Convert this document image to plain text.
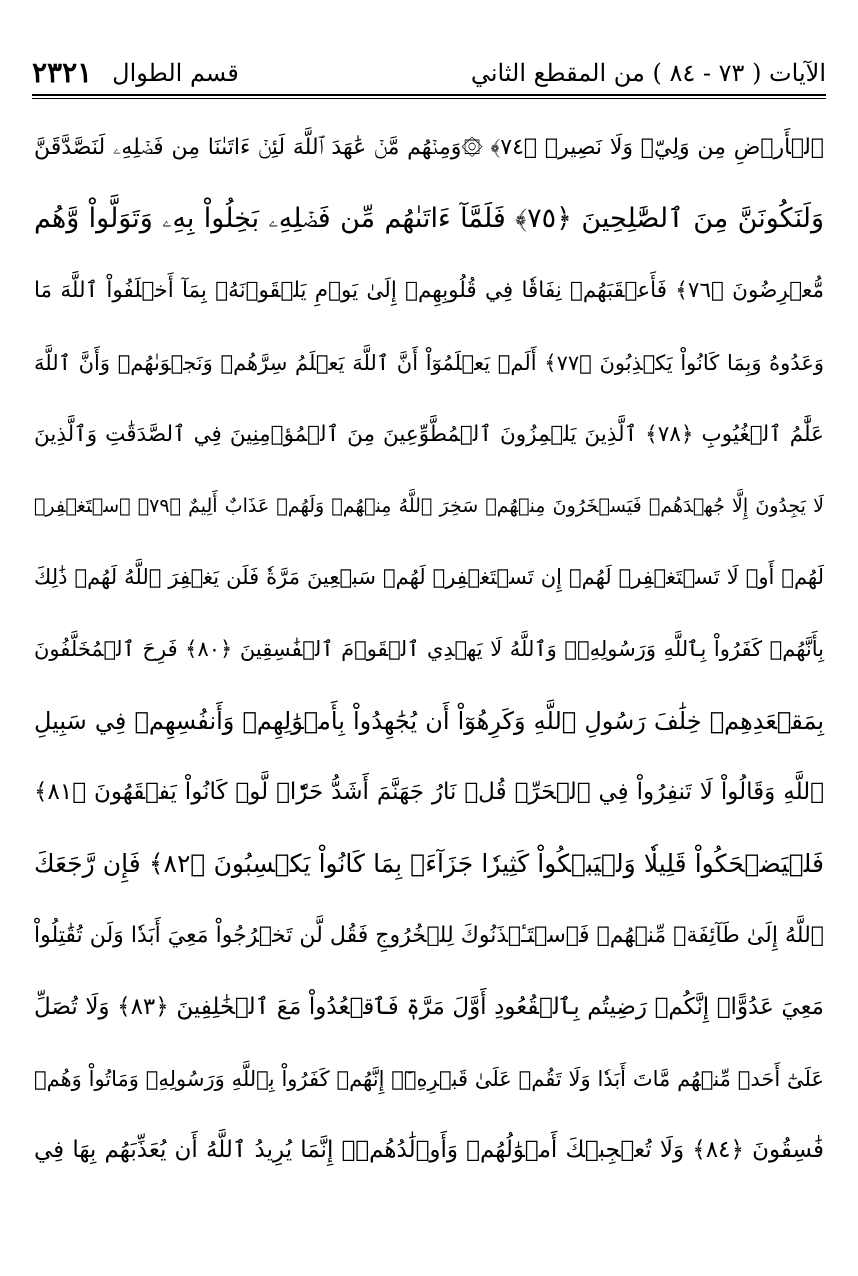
الآيات ( ٧٣ - ٨٤ ) من المقطع الثاني
قسم الطوال
٢٣٢١
ٱلۡأَرۡضِ مِن وَلِيّٖ وَلَا نَصِيرٖ ﴿٧٤﴾ ۞وَمِنۡهُم مَّنۡ عَٰهَدَ ٱللَّهَ لَئِنۡ ءَاتَىٰنَا مِن فَضۡلِهِۦ لَنَصَّدَّقَنَّ
وَلَنَكُونَنَّ مِنَ ٱلصَّٰلِحِينَ ﴿٧٥﴾ فَلَمَّآ ءَاتَىٰهُم مِّن فَضۡلِهِۦ بَخِلُواْ بِهِۦ وَتَوَلَّواْ وَّهُم
مُّعۡرِضُونَ ﴿٧٦﴾ فَأَعۡقَبَهُمۡ نِفَاقٗا فِي قُلُوبِهِمۡ إِلَىٰ يَوۡمِ يَلۡقَوۡنَهُۥ بِمَآ أَخۡلَفُواْ ٱللَّهَ مَا
وَعَدُوهُ وَبِمَا كَانُواْ يَكۡذِبُونَ ﴿٧٧﴾ أَلَمۡ يَعۡلَمُوٓاْ أَنَّ ٱللَّهَ يَعۡلَمُ سِرَّهُمۡ وَنَجۡوَىٰهُمۡ وَأَنَّ ٱللَّهَ
عَلَّٰمُ ٱلۡغُيُوبِ ﴿٧٨﴾ ٱلَّذِينَ يَلۡمِزُونَ ٱلۡمُطَّوِّعِينَ مِنَ ٱلۡمُؤۡمِنِينَ فِي ٱلصَّدَقَٰتِ وَٱلَّذِينَ
لَا يَجِدُونَ إِلَّا جُهۡدَهُمۡ فَيَسۡخَرُونَ مِنۡهُمۡ سَخِرَ ٱللَّهُ مِنۡهُمۡ وَلَهُمۡ عَذَابٌ أَلِيمٌ ﴿٧٩﴾ ٱسۡتَغۡفِرۡ
لَهُمۡ أَوۡ لَا تَسۡتَغۡفِرۡ لَهُمۡ إِن تَسۡتَغۡفِرۡ لَهُمۡ سَبۡعِينَ مَرَّةٗ فَلَن يَغۡفِرَ ٱللَّهُ لَهُمۡ ذَٰلِكَ
بِأَنَّهُمۡ كَفَرُواْ بِٱللَّهِ وَرَسُولِهِۦۗ وَٱللَّهُ لَا يَهۡدِي ٱلۡقَوۡمَ ٱلۡفَٰسِقِينَ ﴿٨٠﴾ فَرِحَ ٱلۡمُخَلَّفُونَ
بِمَقۡعَدِهِمۡ خِلَٰفَ رَسُولِ ٱللَّهِ وَكَرِهُوٓاْ أَن يُجَٰهِدُواْ بِأَمۡوَٰلِهِمۡ وَأَنفُسِهِمۡ فِي سَبِيلِ
ٱللَّهِ وَقَالُواْ لَا تَنفِرُواْ فِي ٱلۡحَرِّۗ قُلۡ نَارُ جَهَنَّمَ أَشَدُّ حَرّٗاۚ لَّوۡ كَانُواْ يَفۡقَهُونَ ﴿٨١﴾
فَلۡيَضۡحَكُواْ قَلِيلٗا وَلۡيَبۡكُواْ كَثِيرٗا جَزَآءَۢ بِمَا كَانُواْ يَكۡسِبُونَ ﴿٨٢﴾ فَإِن رَّجَعَكَ
ٱللَّهُ إِلَىٰ طَآئِفَةٖ مِّنۡهُمۡ فَٱسۡتَـٔۡذَنُوكَ لِلۡخُرُوجِ فَقُل لَّن تَخۡرُجُواْ مَعِيَ أَبَدٗا وَلَن تُقَٰتِلُواْ
مَعِيَ عَدُوًّاۖ إِنَّكُمۡ رَضِيتُم بِٱلۡقُعُودِ أَوَّلَ مَرَّةٖ فَٱقۡعُدُواْ مَعَ ٱلۡخَٰلِفِينَ ﴿٨٣﴾ وَلَا تُصَلِّ
عَلَىٰٓ أَحَدٖ مِّنۡهُم مَّاتَ أَبَدٗا وَلَا تَقُمۡ عَلَىٰ قَبۡرِهِۦٓۖ إِنَّهُمۡ كَفَرُواْ بِٱللَّهِ وَرَسُولِهِۦ وَمَاتُواْ وَهُمۡ
فَٰسِقُونَ ﴿٨٤﴾ وَلَا تُعۡجِبۡكَ أَمۡوَٰلُهُمۡ وَأَوۡلَٰدُهُمۡۚ إِنَّمَا يُرِيدُ ٱللَّهُ أَن يُعَذِّبَهُم بِهَا فِي
